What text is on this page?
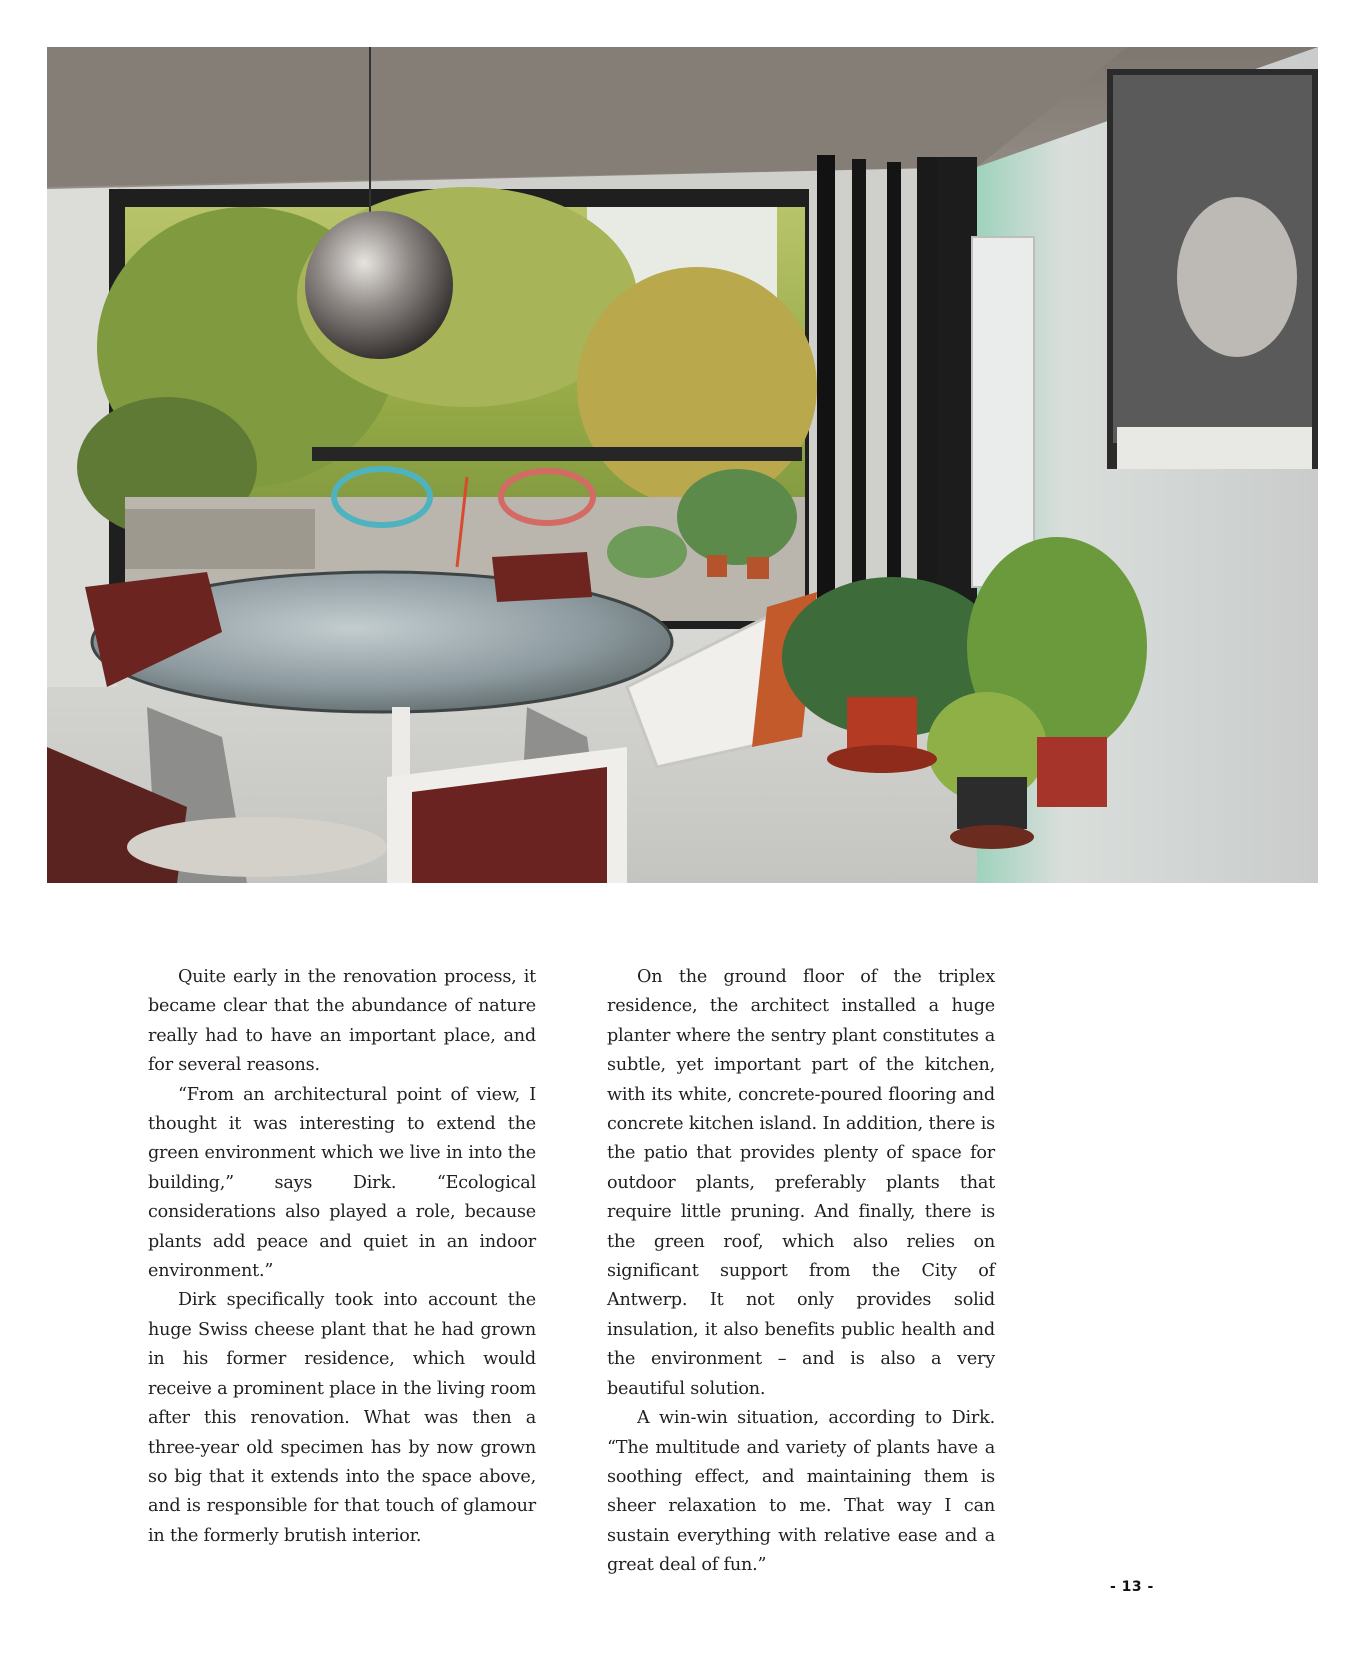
Quite early in the renovation process, it became clear that the abundance of nature really had to have an important place, and for several reasons.

“From an architectural point of view, I thought it was interesting to extend the green environment which we live in into the building,” says Dirk. “Ecological considerations also played a role, because plants add peace and quiet in an indoor environment.”

Dirk specifically took into account the huge Swiss cheese plant that he had grown in his former residence, which would receive a prominent place in the living room after this renovation. What was then a three-year old specimen has by now grown so big that it extends into the space above, and is responsible for that touch of glamour in the formerly brutish interior.

On the ground floor of the triplex residence, the architect installed a huge planter where the sentry plant constitutes a subtle, yet important part of the kitchen, with its white, concrete-poured flooring and concrete kitchen island. In addition, there is the patio that provides plenty of space for outdoor plants, preferably plants that require little pruning. And finally, there is the green roof, which also relies on significant support from the City of Antwerp. It not only provides solid insulation, it also benefits public health and the environment – and is also a very beautiful solution.

A win-win situation, according to Dirk. “The multitude and variety of plants have a soothing effect, and maintaining them is sheer relaxation to me. That way I can sustain everything with relative ease and a great deal of fun.”

- 13 -
